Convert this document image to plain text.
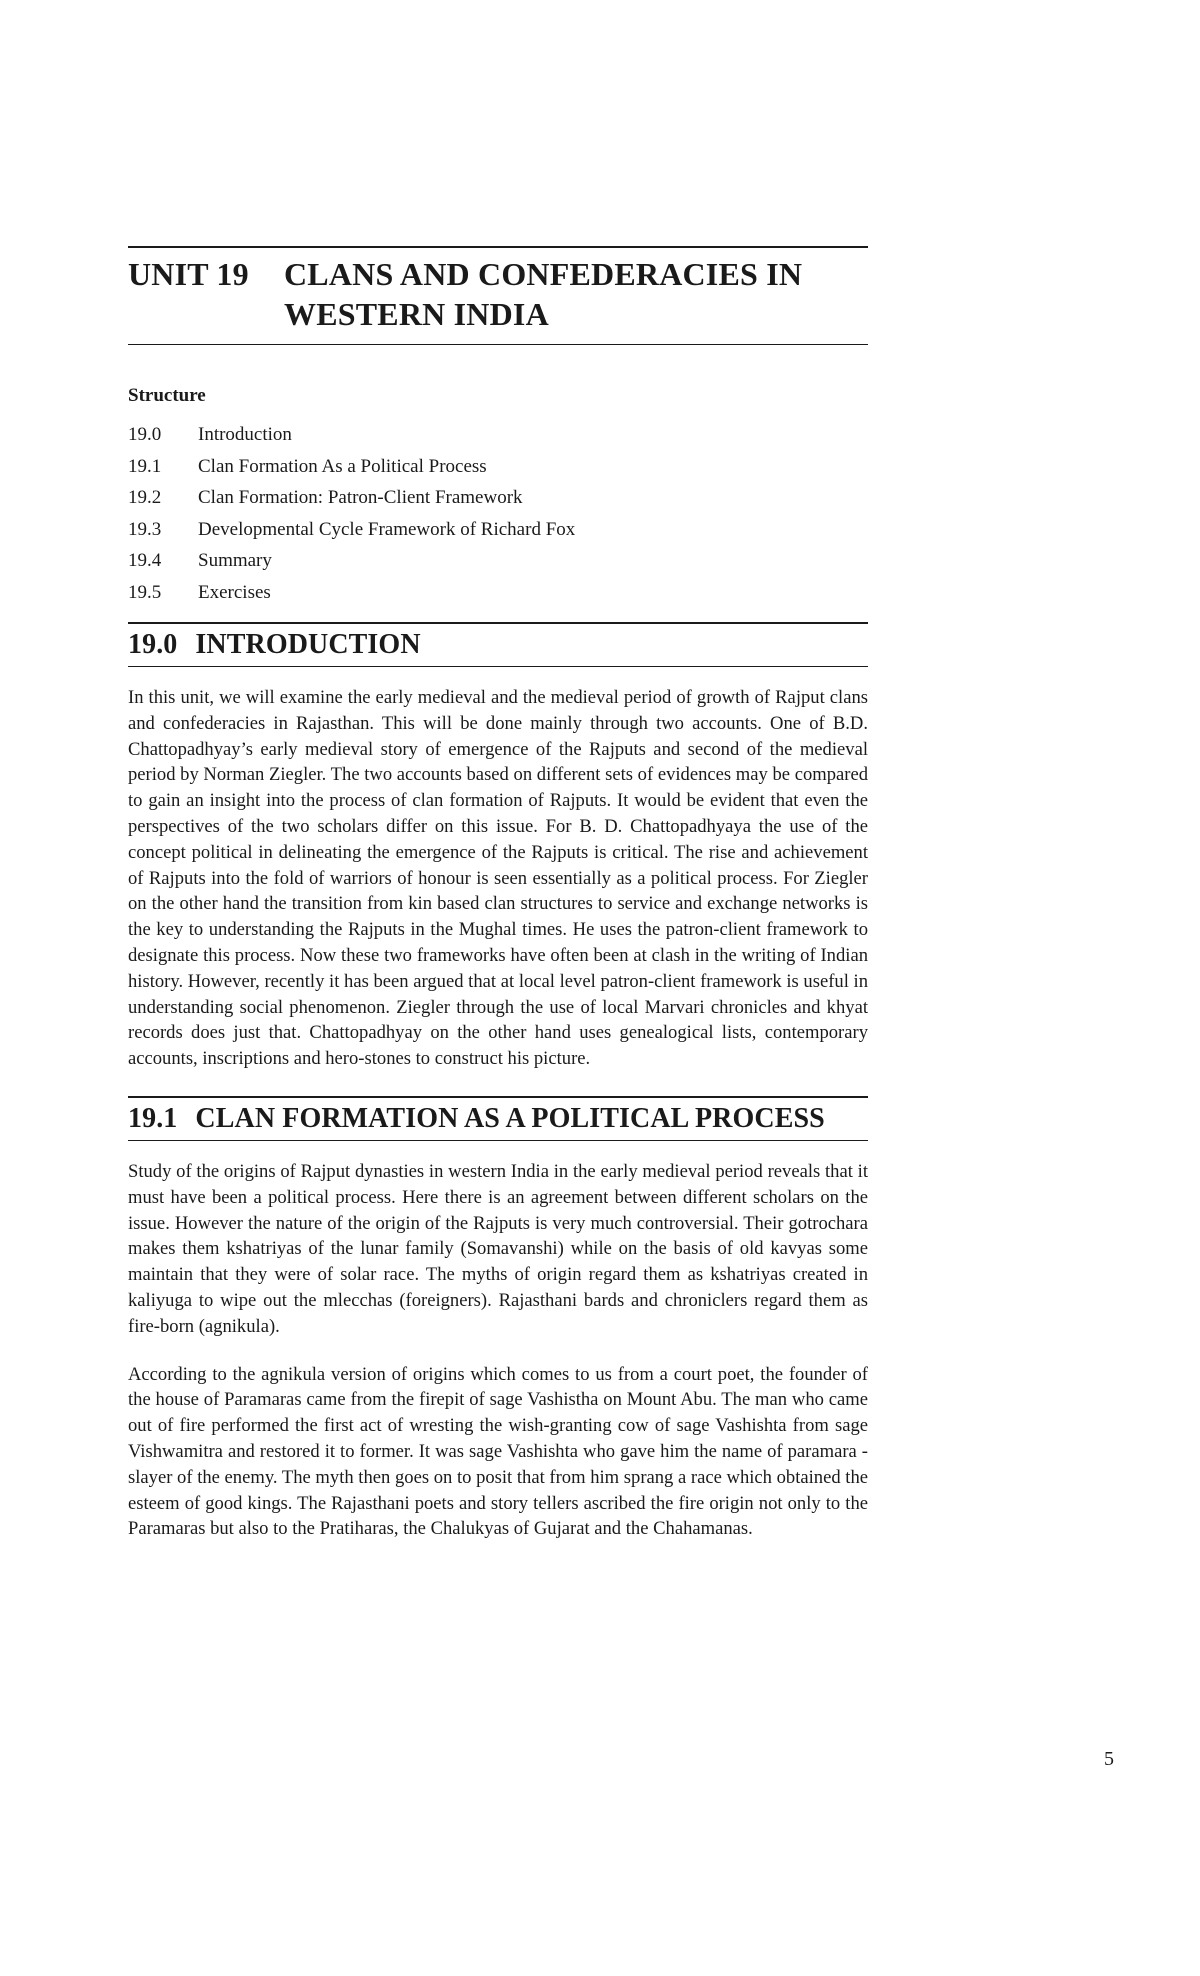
UNIT 19	CLANS AND CONFEDERACIES IN
WESTERN INDIA
Structure
19.0	Introduction
19.1	Clan Formation As a Political Process
19.2	Clan Formation: Patron-Client Framework
19.3	Developmental Cycle Framework of Richard Fox
19.4	Summary
19.5	Exercises
19.0 INTRODUCTION

In this unit, we will examine the early medieval and the medieval period of growth of Rajput clans and confederacies in Rajasthan. This will be done mainly through two accounts. One of B.D. Chattopadhyay’s early medieval story of emergence of the Rajputs and second of the medieval period by Norman Ziegler. The two accounts based on different sets of evidences may be compared to gain an insight into the process of clan formation of Rajputs. It would be evident that even the perspectives of the two scholars differ on this issue. For B. D. Chattopadhyaya the use of the concept political in delineating the emergence of the Rajputs is critical. The rise and achievement of Rajputs into the fold of warriors of honour is seen essentially as a political process. For Ziegler on the other hand the transition from kin based clan structures to service and exchange networks is the key to understanding the Rajputs in the Mughal times. He uses the patron-client framework to designate this process. Now these two frameworks have often been at clash in the writing of Indian history. However, recently it has been argued that at local level patron-client framework is useful in understanding social phenomenon. Ziegler through the use of local Marvari chronicles and khyat records does just that. Chattopadhyay on the other hand uses genealogical lists, contemporary accounts, inscriptions and hero-stones to construct his picture.

19.1 CLAN FORMATION AS A POLITICAL PROCESS

Study of the origins of Rajput dynasties in western India in the early medieval period reveals that it must have been a political process. Here there is an agreement between different scholars on the issue. However the nature of the origin of the Rajputs is very much controversial. Their gotrochara makes them kshatriyas of the lunar family (Somavanshi) while on the basis of old kavyas some maintain that they were of solar race. The myths of origin regard them as kshatriyas created in kaliyuga to wipe out the mlecchas (foreigners). Rajasthani bards and chroniclers regard them as fire-born (agnikula).

According to the agnikula version of origins which comes to us from a court poet, the founder of the house of Paramaras came from the firepit of sage Vashistha on Mount Abu. The man who came out of fire performed the first act of wresting the wish-granting cow of sage Vashishta from sage Vishwamitra and restored it to former. It was sage Vashishta who gave him the name of paramara - slayer of the enemy. The myth then goes on to posit that from him sprang a race which obtained the esteem of good kings. The Rajasthani poets and story tellers ascribed the fire origin not only to the Paramaras but also to the Pratiharas, the Chalukyas of Gujarat and the Chahamanas.

5
